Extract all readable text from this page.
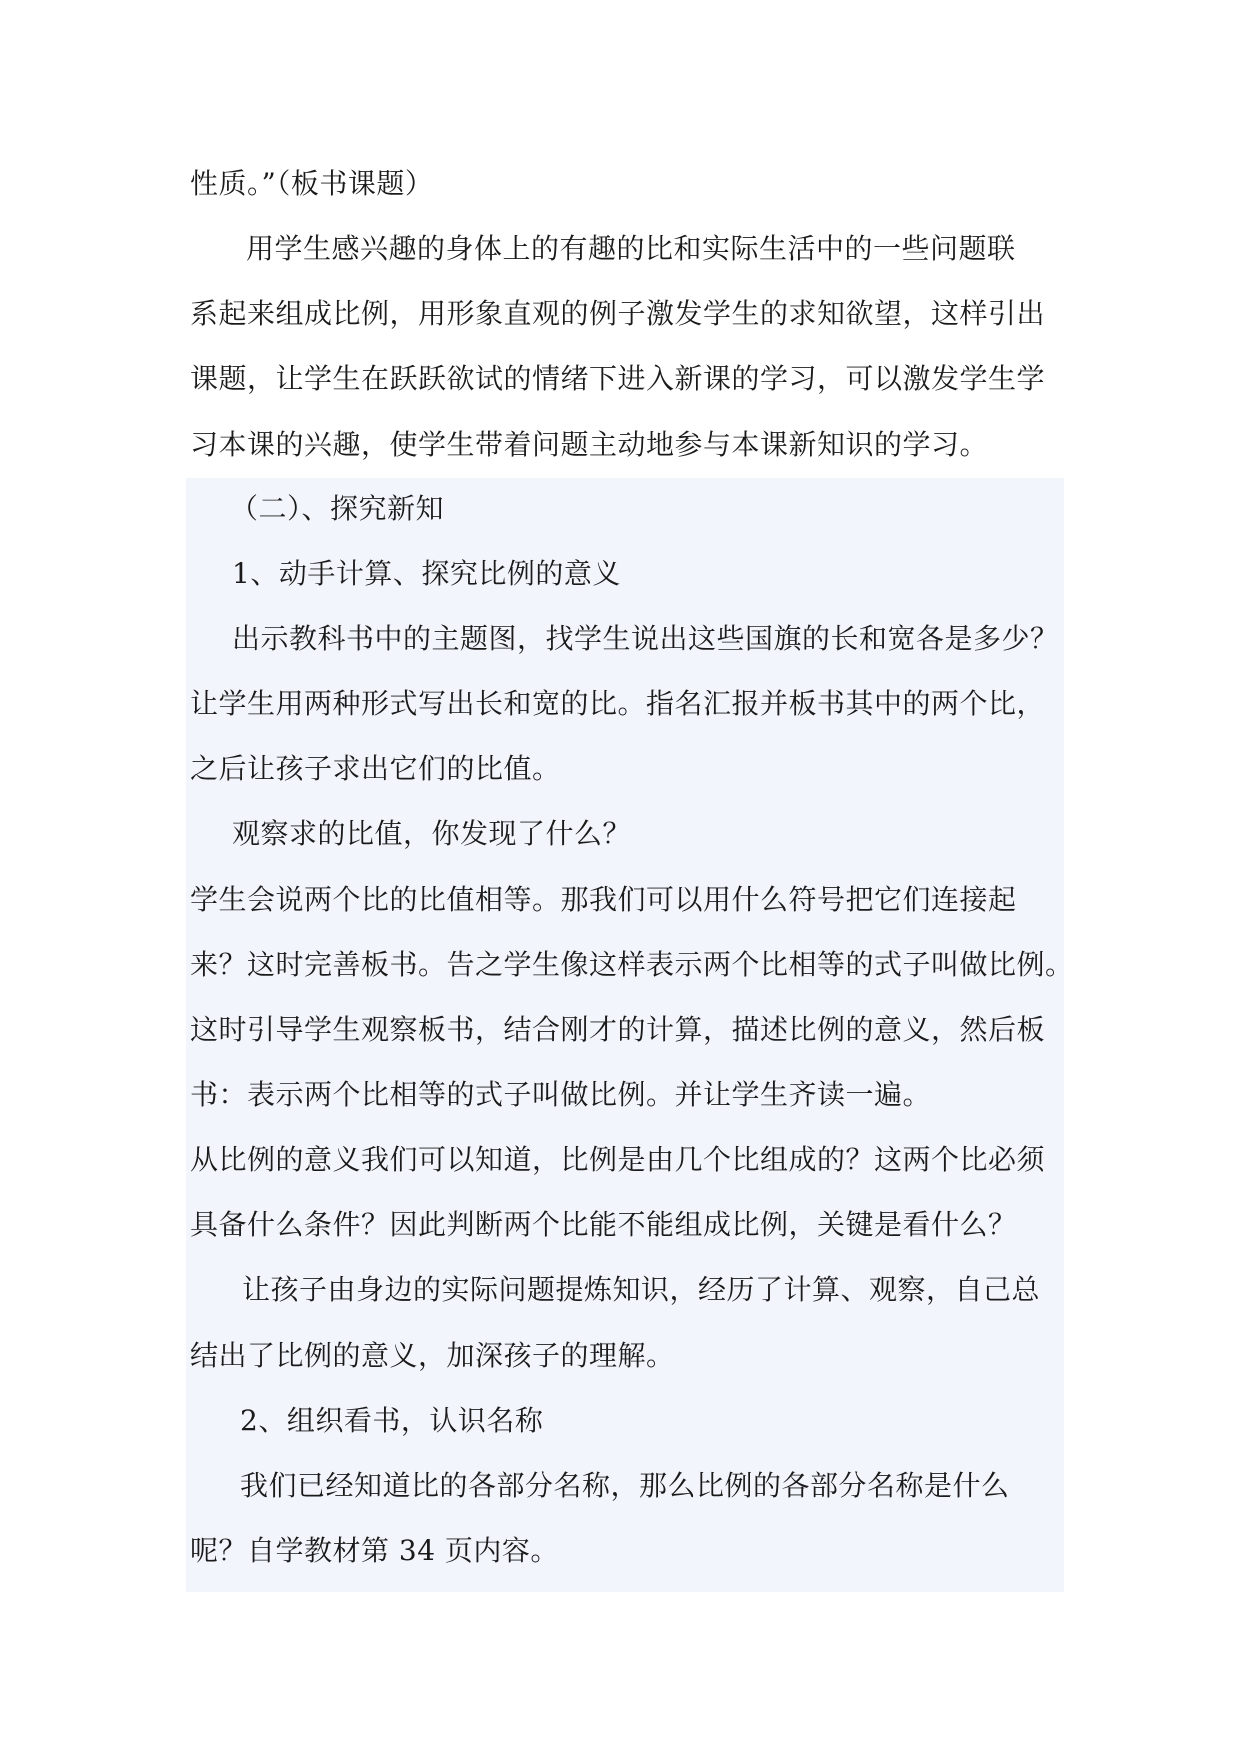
性质。”（板书课题）

用学生感兴趣的身体上的有趣的比和实际生活中的一些问题联

系起来组成比例，用形象直观的例子激发学生的求知欲望，这样引出

课题，让学生在跃跃欲试的情绪下进入新课的学习，可以激发学生学

习本课的兴趣，使学生带着问题主动地参与本课新知识的学习。

（二）、探究新知

1、动手计算、探究比例的意义

出示教科书中的主题图，找学生说出这些国旗的长和宽各是多少？

让学生用两种形式写出长和宽的比。指名汇报并板书其中的两个比，

之后让孩子求出它们的比值。

观察求的比值，你发现了什么？

学生会说两个比的比值相等。那我们可以用什么符号把它们连接起

来？这时完善板书。告之学生像这样表示两个比相等的式子叫做比例。

这时引导学生观察板书，结合刚才的计算，描述比例的意义，然后板

书：表示两个比相等的式子叫做比例。并让学生齐读一遍。

从比例的意义我们可以知道，比例是由几个比组成的？这两个比必须

具备什么条件？因此判断两个比能不能组成比例，关键是看什么？

让孩子由身边的实际问题提炼知识，经历了计算、观察，自己总

结出了比例的意义，加深孩子的理解。

2、组织看书，认识名称

我们已经知道比的各部分名称，那么比例的各部分名称是什么

呢？自学教材第 34 页内容。
